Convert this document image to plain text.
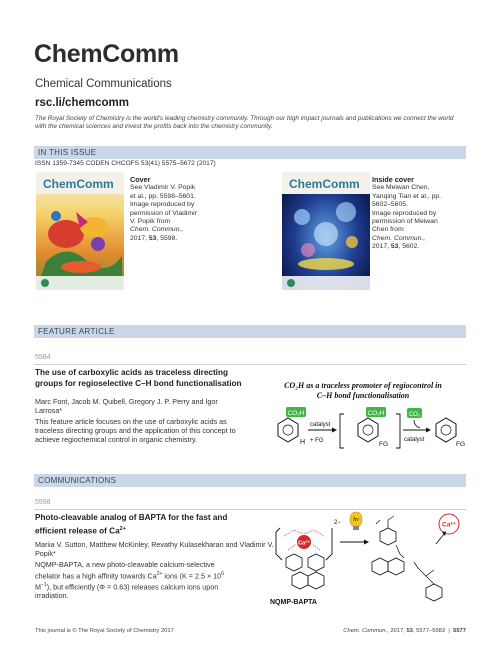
ChemComm
Chemical Communications
rsc.li/chemcomm
The Royal Society of Chemistry is the world's leading chemistry community. Through our high impact journals and publications we connect the world with the chemical sciences and invest the profits back into the chemistry community.
IN THIS ISSUE
ISSN 1359-7345 CODEN CHCOFS 53(41) 5575–5672 (2017)
ChemComm Cover
See Vladimir V. Popik et al., pp. 5598–5601.
Image reproduced by permission of Vladimir V. Popik from
Chem. Commun.,
2017, 53, 5598.
ChemComm Inside cover
See Meiwan Chen, Yanqing Tian et al., pp. 5602–5605.
Image reproduced by permission of Meiwan Chen from
Chem. Commun.,
2017, 53, 5602.
FEATURE ARTICLE
5584
The use of carboxylic acids as traceless directing groups for regioselective C–H bond functionalisation
Marc Font, Jacob M. Quibell, Gregory J. P. Perry and Igor Larrosa*
This feature article focuses on the use of carboxylic acids as traceless directing groups and the application of this concept to achieve regiochemical control in organic chemistry.
CO₂H as a traceless promoter of regiocontrol in
C–H bond functionalisation
CO₂H
H
catalyst
+ FG
CO₂H
FG
catalyst
CO₂
FG
COMMUNICATIONS
5598
Photo-cleavable analog of BAPTA for the fast and efficient release of $Ca^{2+}$
Mariia V. Sutton, Matthew McKinley, Revathy Kulasekharan and Vladimir V. Popik*
NQMP-BAPTA, a new photo-cleavable calcium-selective chelator has a high affinity towards $Ca^{2+}$ ions ($K = 2.5 \times 10^6$ $M^{-1}$), but efficiently (Φ = 0.63) releases calcium ions upon irradiation.
2−
Ca²⁺
NQMP-BAPTA
hν
Ca²⁺
This journal is © The Royal Society of Chemistry 2017	Chem. Commun., 2017, 53, 5577–5583  |  5577
